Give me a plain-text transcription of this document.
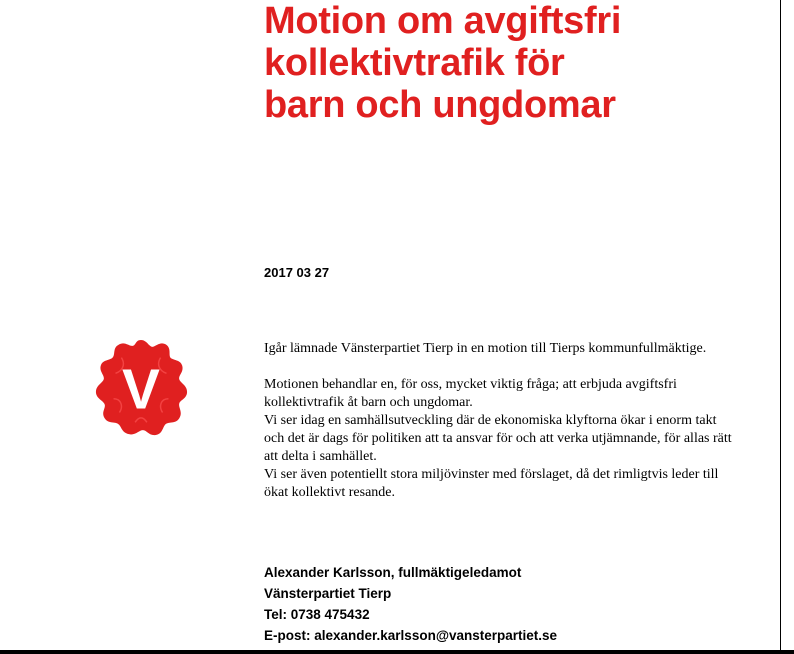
Motion om avgiftsfri
kollektivtrafik för
barn och ungdomar
2017 03 27
V

Igår lämnade Vänsterpartiet Tierp in en motion till Tierps kommunfullmäktige.

Motionen behandlar en, för oss, mycket viktig fråga; att erbjuda avgiftsfri kollektivtrafik åt barn och ungdomar.

Vi ser idag en samhällsutveckling där de ekonomiska klyftorna ökar i enorm takt och det är dags för politiken att ta ansvar för och att verka utjämnande, för allas rätt att delta i samhället.

Vi ser även potentiellt stora miljövinster med förslaget, då det rimligtvis leder till ökat kollektivt resande.

Alexander Karlsson, fullmäktigeledamot
Vänsterpartiet Tierp
Tel: 0738 475432
E-post: alexander.karlsson@vansterpartiet.se
